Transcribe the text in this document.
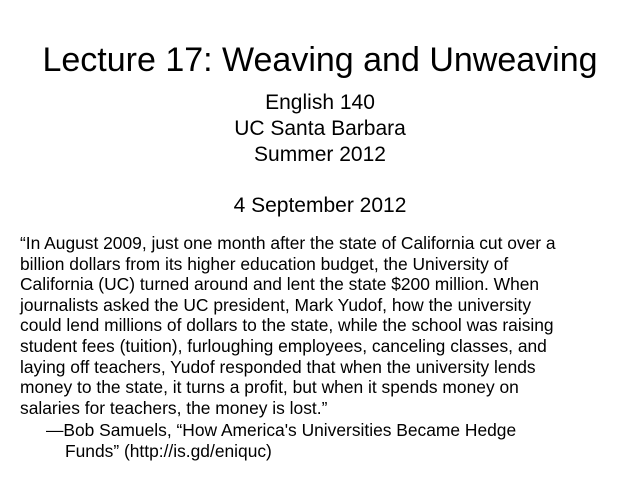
Lecture 17: Weaving and Unweaving
English 140
UC Santa Barbara
Summer 2012
4 September 2012
“In August 2009, just one month after the state of California cut over a
billion dollars from its higher education budget, the University of
California (UC) turned around and lent the state $200 million. When
journalists asked the UC president, Mark Yudof, how the university
could lend millions of dollars to the state, while the school was raising
student fees (tuition), furloughing employees, canceling classes, and
laying off teachers, Yudof responded that when the university lends
money to the state, it turns a profit, but when it spends money on
salaries for teachers, the money is lost.”
—Bob Samuels, “How America's Universities Became Hedge
Funds” (http://is.gd/eniquc)
